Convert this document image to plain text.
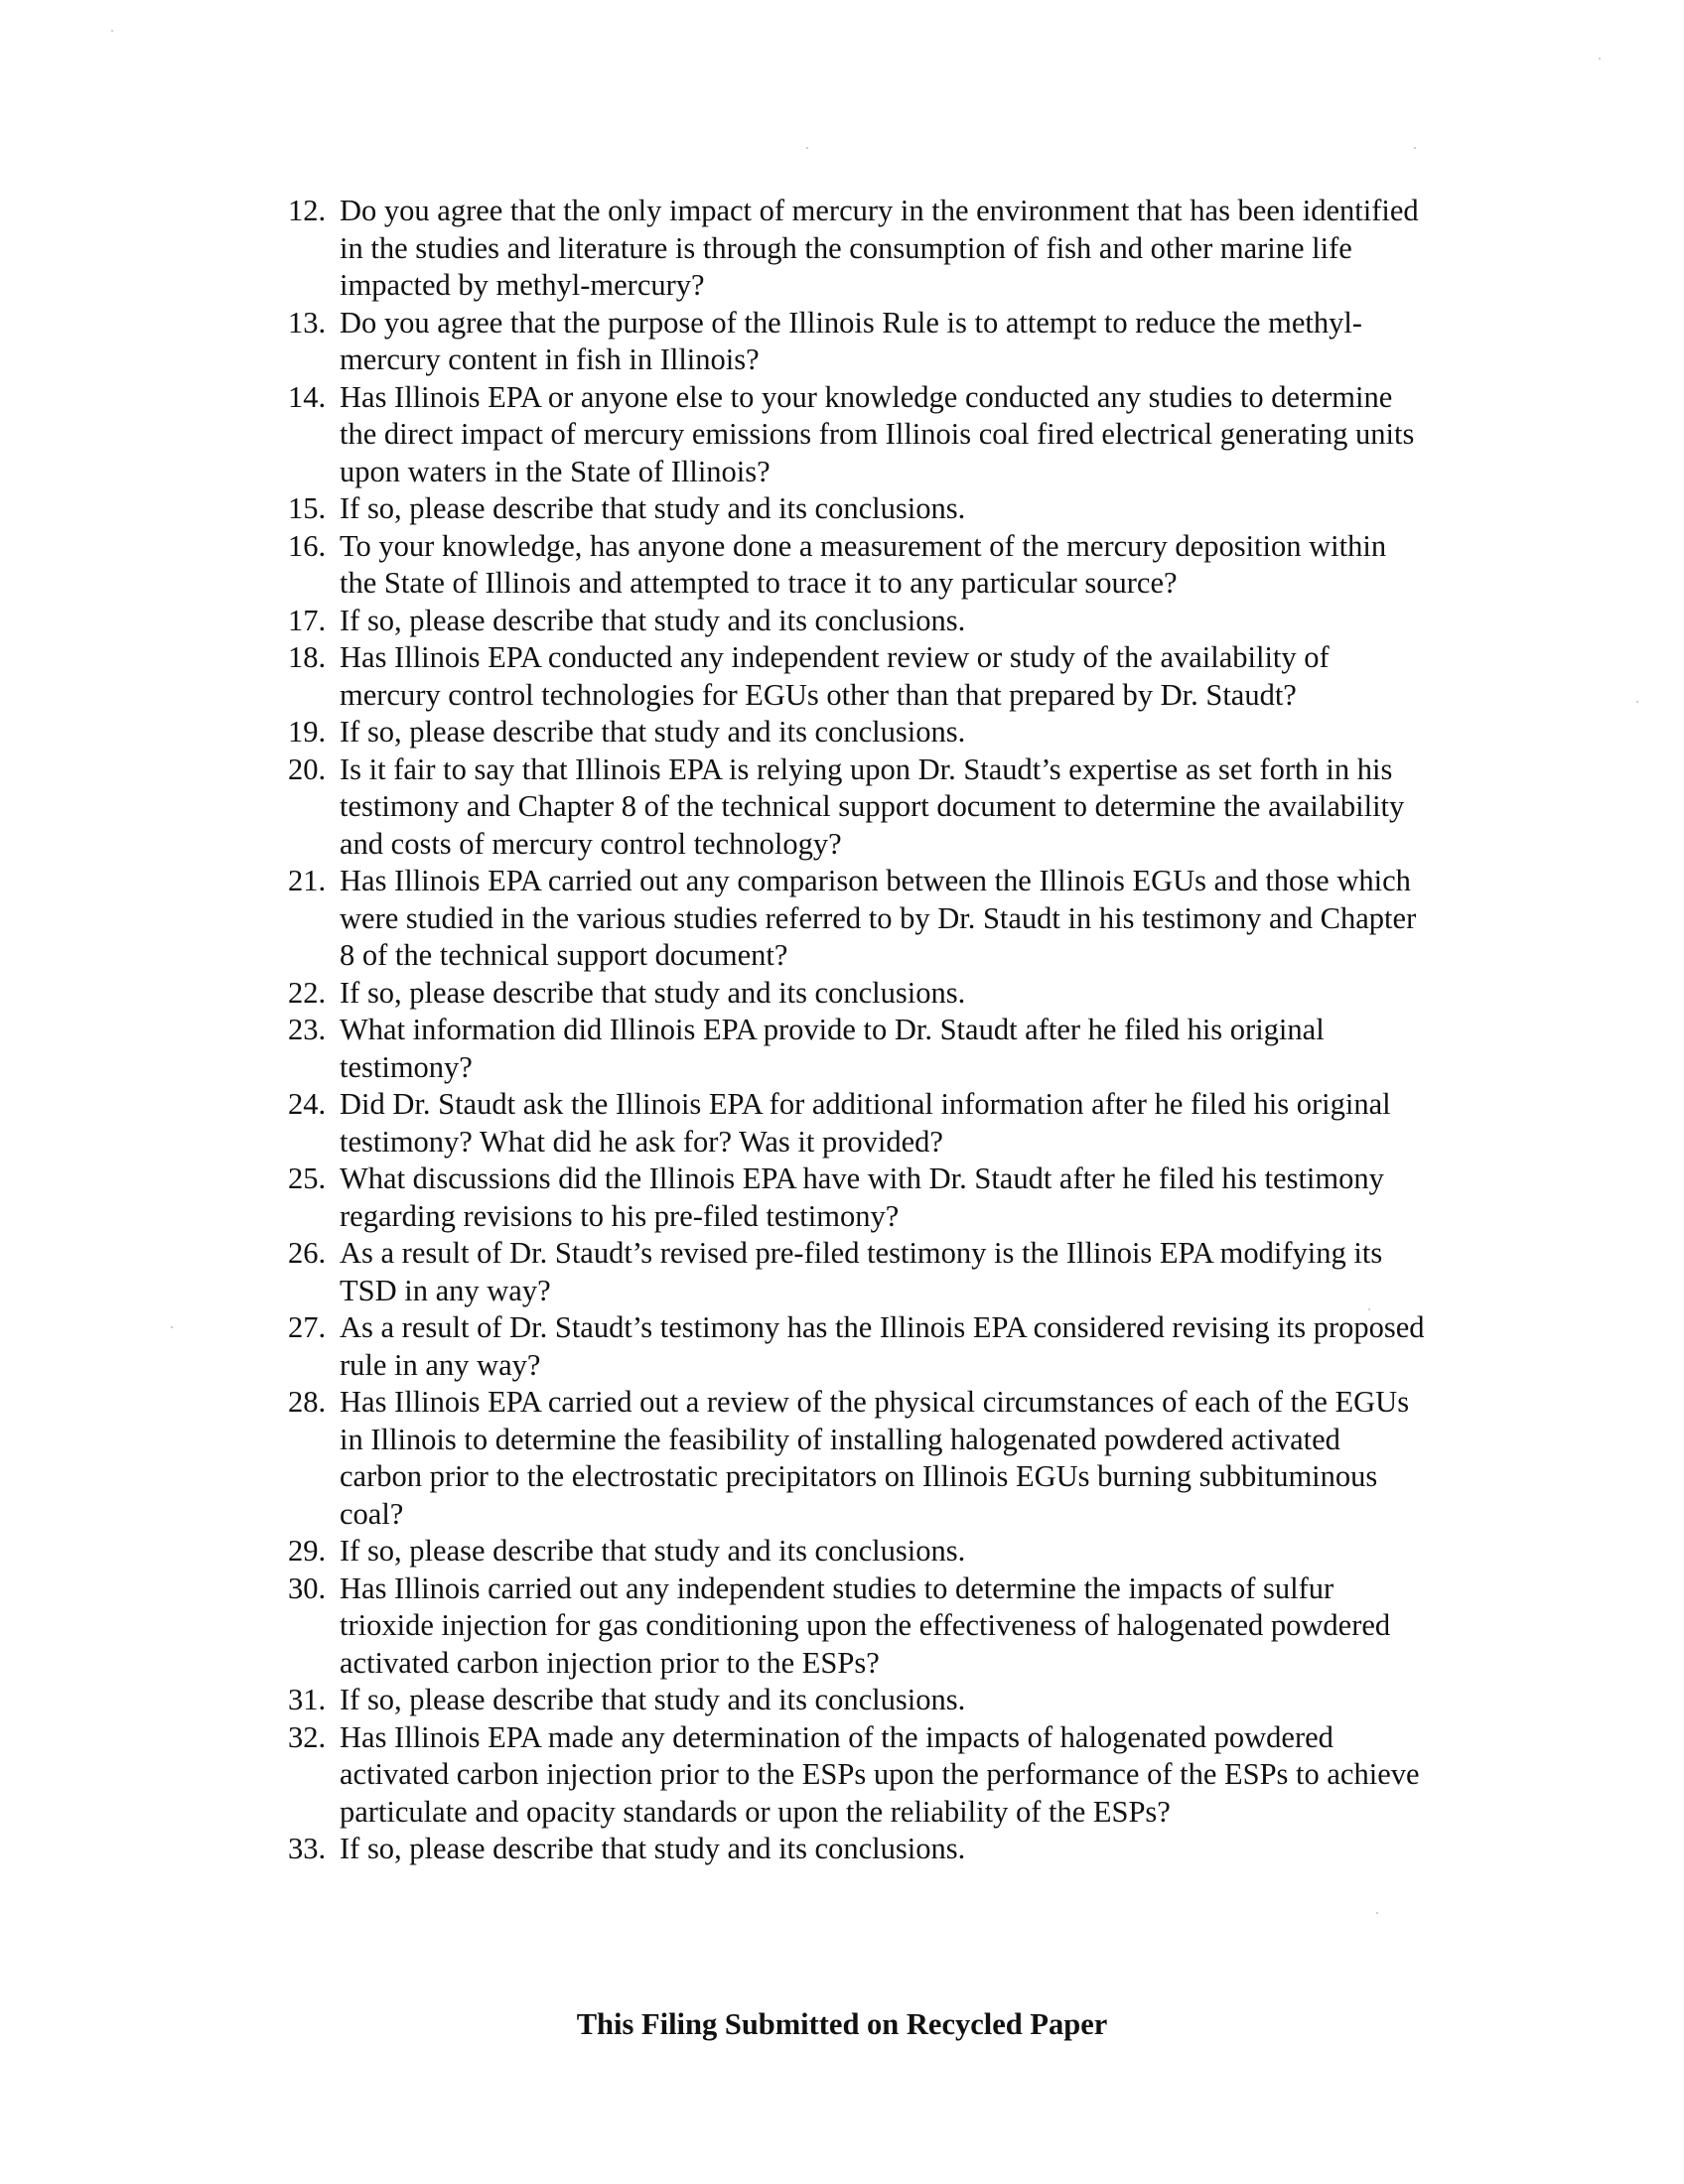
12. Do you agree that the only impact of mercury in the environment that has been identified in the studies and literature is through the consumption of fish and other marine life impacted by methyl-mercury?
13. Do you agree that the purpose of the Illinois Rule is to attempt to reduce the methyl-mercury content in fish in Illinois?
14. Has Illinois EPA or anyone else to your knowledge conducted any studies to determine the direct impact of mercury emissions from Illinois coal fired electrical generating units upon waters in the State of Illinois?
15. If so, please describe that study and its conclusions.
16. To your knowledge, has anyone done a measurement of the mercury deposition within the State of Illinois and attempted to trace it to any particular source?
17. If so, please describe that study and its conclusions.
18. Has Illinois EPA conducted any independent review or study of the availability of mercury control technologies for EGUs other than that prepared by Dr. Staudt?
19. If so, please describe that study and its conclusions.
20. Is it fair to say that Illinois EPA is relying upon Dr. Staudt’s expertise as set forth in his testimony and Chapter 8 of the technical support document to determine the availability and costs of mercury control technology?
21. Has Illinois EPA carried out any comparison between the Illinois EGUs and those which were studied in the various studies referred to by Dr. Staudt in his testimony and Chapter 8 of the technical support document?
22. If so, please describe that study and its conclusions.
23. What information did Illinois EPA provide to Dr. Staudt after he filed his original testimony?
24. Did Dr. Staudt ask the Illinois EPA for additional information after he filed his original testimony? What did he ask for? Was it provided?
25. What discussions did the Illinois EPA have with Dr. Staudt after he filed his testimony regarding revisions to his pre-filed testimony?
26. As a result of Dr. Staudt’s revised pre-filed testimony is the Illinois EPA modifying its TSD in any way?
27. As a result of Dr. Staudt’s testimony has the Illinois EPA considered revising its proposed rule in any way?
28. Has Illinois EPA carried out a review of the physical circumstances of each of the EGUs in Illinois to determine the feasibility of installing halogenated powdered activated carbon prior to the electrostatic precipitators on Illinois EGUs burning subbituminous coal?
29. If so, please describe that study and its conclusions.
30. Has Illinois carried out any independent studies to determine the impacts of sulfur trioxide injection for gas conditioning upon the effectiveness of halogenated powdered activated carbon injection prior to the ESPs?
31. If so, please describe that study and its conclusions.
32. Has Illinois EPA made any determination of the impacts of halogenated powdered activated carbon injection prior to the ESPs upon the performance of the ESPs to achieve particulate and opacity standards or upon the reliability of the ESPs?
33. If so, please describe that study and its conclusions.
This Filing Submitted on Recycled Paper
